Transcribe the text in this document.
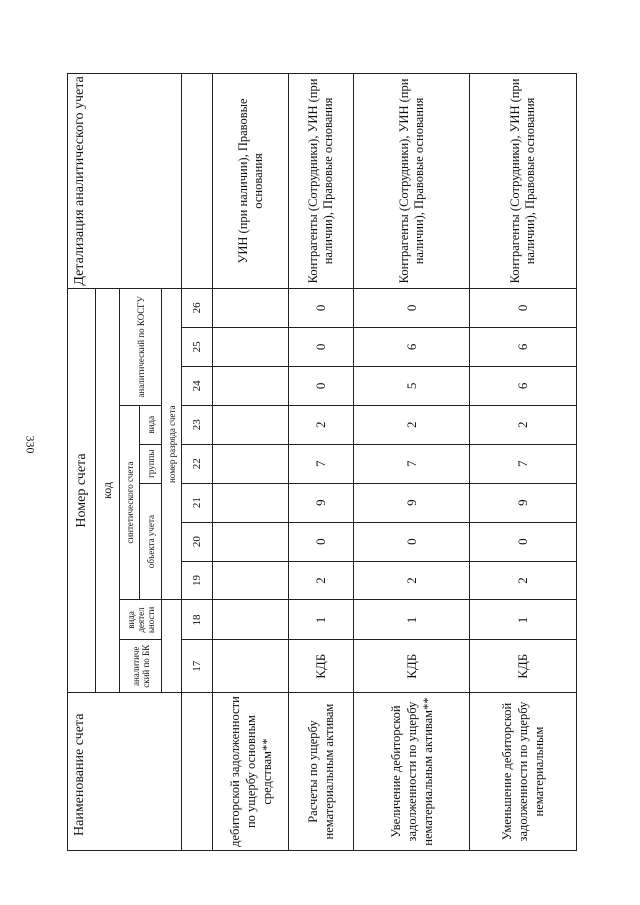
330
Наименование счета	Номер счета										Детализация аналитического учета
	код										
	аналитиче ский по БК	вида деятел ьности	синтетического счета					аналитический по КОСГУ			
			объекта учета			группы	вида				
			номер разряда счета								
	17	18	19	20	21	22	23	24	25	26	
дебиторской задолженности по ущербу основным средствам**											УИН (при наличии), Правовые основания
Расчеты по ущербу нематериальным активам	КДБ	1	2	0	9	7	2	0	0	0	Контрагенты (Сотрудники), УИН (при наличии), Правовые основания
Увеличение дебиторской задолженности по ущербу нематериальным активам**	КДБ	1	2	0	9	7	2	5	6	0	Контрагенты (Сотрудники), УИН (при наличии), Правовые основания
Уменьшение дебиторской задолженности по ущербу нематериальным	КДБ	1	2	0	9	7	2	6	6	0	Контрагенты (Сотрудники), УИН (при наличии), Правовые основания
